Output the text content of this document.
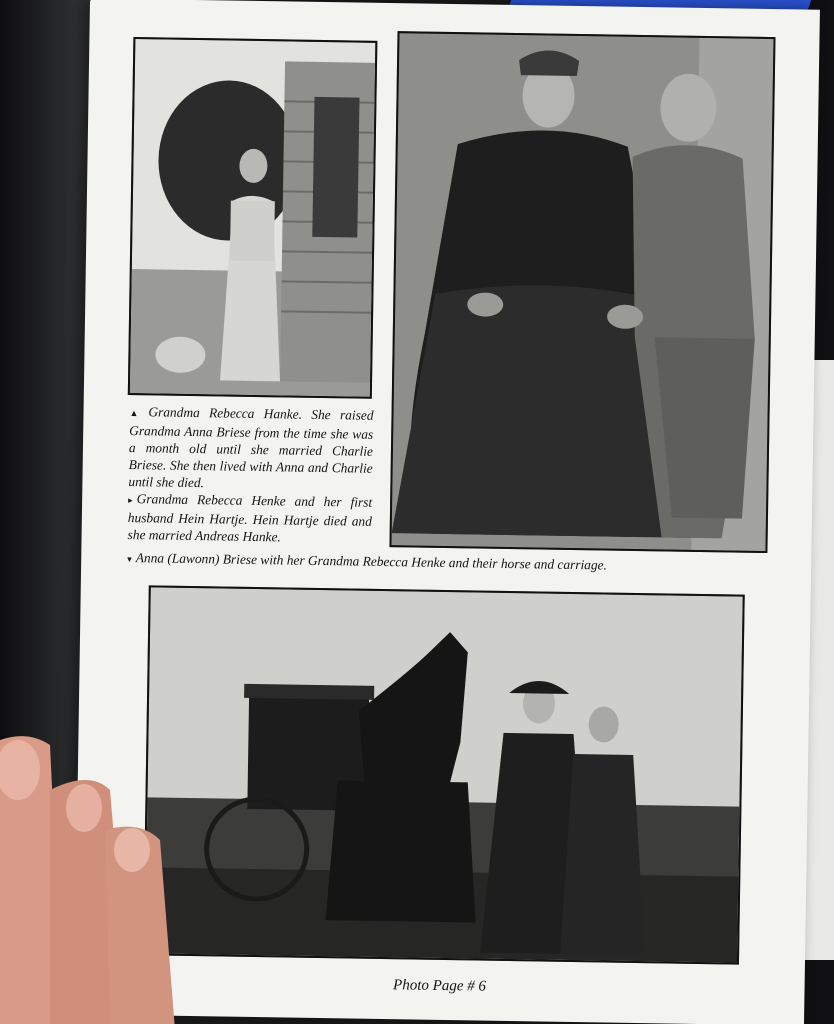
▲ Grandma Rebecca Hanke. She raised Grandma Anna Briese from the time she was a month old until she married Charlie Briese. She then lived with Anna and Charlie until she died.

▸ Grandma Rebecca Henke and her first husband Hein Hartje. Hein Hartje died and she married Andreas Hanke.

▾ Anna (Lawonn) Briese with her Grandma Rebecca Henke and their horse and carriage.
Photo Page # 6
